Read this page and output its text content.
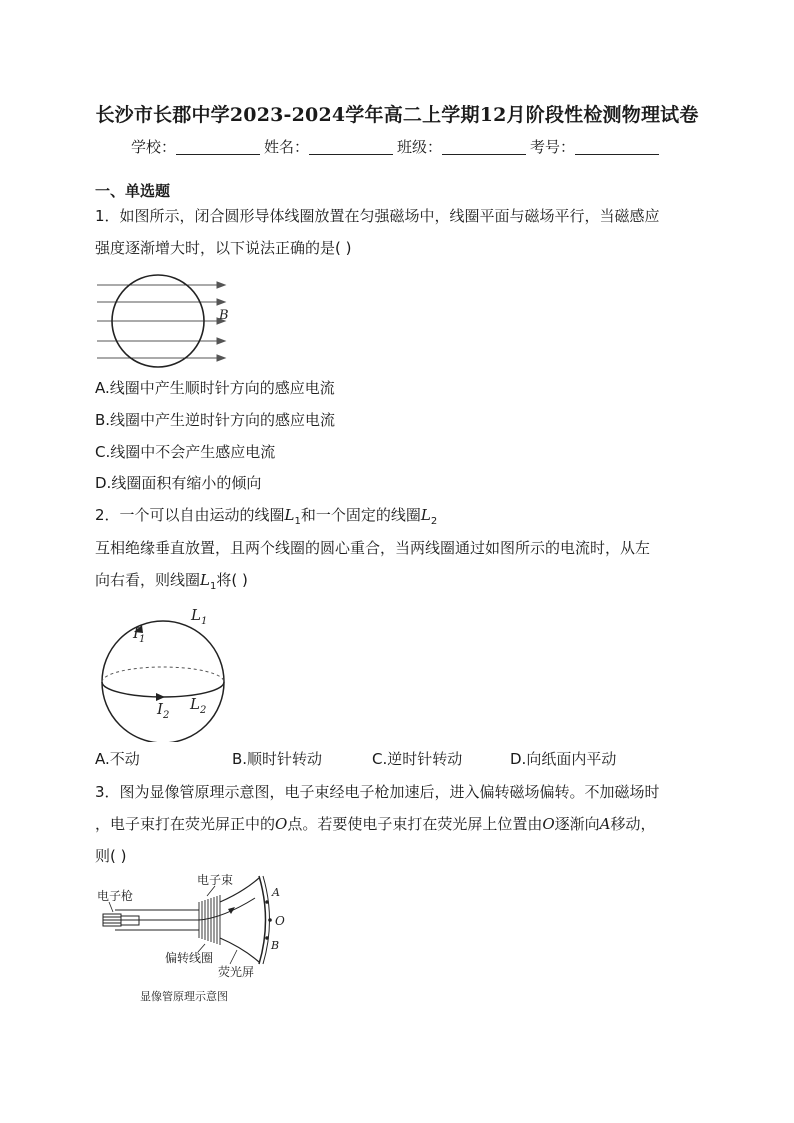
长沙市长郡中学2023-2024学年高二上学期12月阶段性检测物理试卷
学校：	姓名：	班级：	考号：
一、单选题
1．如图所示，闭合圆形导体线圈放置在匀强磁场中，线圈平面与磁场平行，当磁感应
强度逐渐增大时，以下说法正确的是( )
B
A.线圈中产生顺时针方向的感应电流
B.线圈中产生逆时针方向的感应电流
C.线圈中不会产生感应电流
D.线圈面积有缩小的倾向
2．一个可以自由运动的线圈$L_1$和一个固定的线圈$L_2$
互相绝缘垂直放置，且两个线圈的圆心重合，当两线圈通过如图所示的电流时，从左
向右看，则线圈$L_1$将( )
$L_1$
$I_1$
$I_2$
$L_2$
A.不动	B.顺时针转动	C.逆时针转动	D.向纸面内平动
3．图为显像管原理示意图，电子束经电子枪加速后，进入偏转磁场偏转。不加磁场时
，电子束打在荧光屏正中的O点。若要使电子束打在荧光屏上位置由O逐渐向A移动，
则( )
电子枪
电子束
A
O
B
偏转线圈
荧光屏
显像管原理示意图
